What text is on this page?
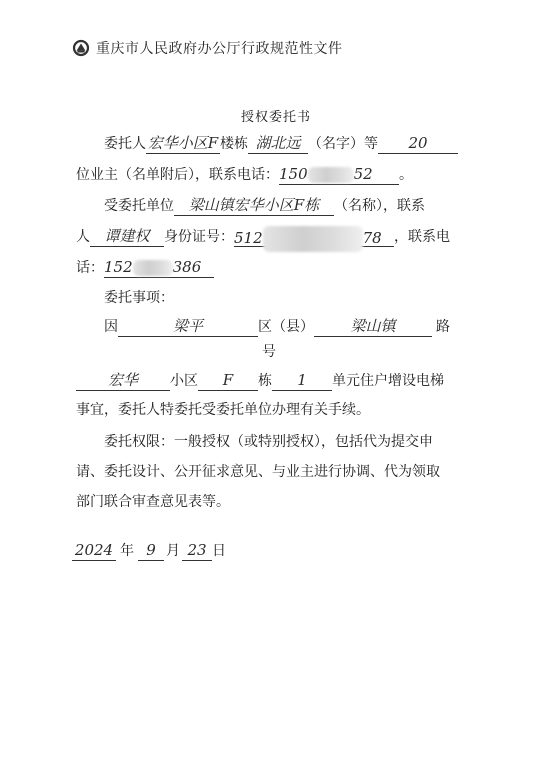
重庆市人民政府办公厅行政规范性文件
授权委托书
委托人 宏华小区F 楼栋 湖北远 （名字）等 20
位业主（名单附后），联系电话：150	52 。
受委托单位 梁山镇宏华小区F栋 （名称），联系
人 谭建权 身份证号：512	78 ，联系电
话：152	386
委托事项：
因	梁平	区（县） 梁山镇	路
号
宏华 小区 F 栋 1 单元住户增设电梯
事宜，委托人特委托受委托单位办理有关手续。
委托权限：一般授权（或特别授权），包括代为提交申
请、委托设计、公开征求意见、与业主进行协调、代为领取
部门联合审查意见表等。
2024 年 9 月 23 日
